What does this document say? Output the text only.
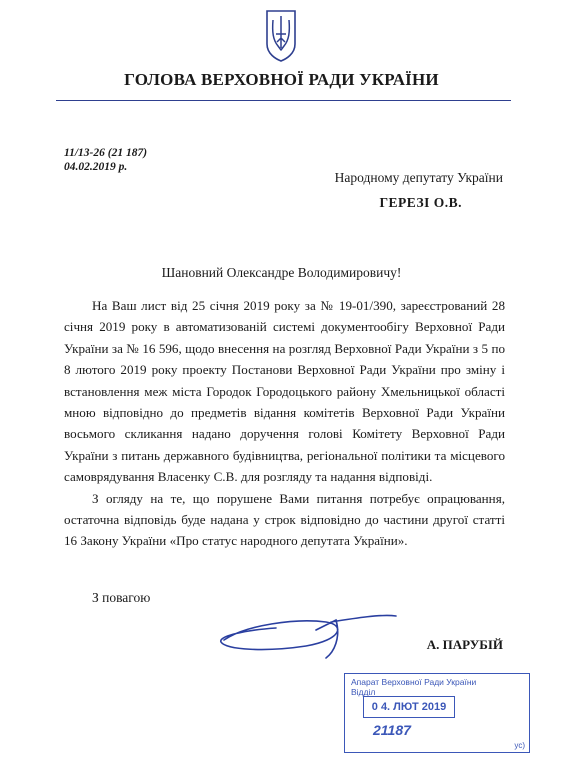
ГОЛОВА ВЕРХОВНОЇ РАДИ УКРАЇНИ
11/13-26 (21 187)
04.02.2019 р.
Народному депутату України
ГЕРЕЗІ О.В.
Шановний Олександре Володимировичу!

На Ваш лист від 25 січня 2019 року за № 19-01/390, зареєстрований 28 січня 2019 року в автоматизованій системі документообігу Верховної Ради України за № 16 596, щодо внесення на розгляд Верховної Ради України з 5 по 8 лютого 2019 року проекту Постанови Верховної Ради України про зміну і встановлення меж міста Городок Городоцького району Хмельницької області мною відповідно до предметів відання комітетів Верховної Ради України восьмого скликання надано доручення голові Комітету Верховної Ради України з питань державного будівництва, регіональної політики та місцевого самоврядування Власенку С.В. для розгляду та надання відповіді.

З огляду на те, що порушене Вами питання потребує опрацювання, остаточна відповідь буде надана у строк відповідно до частини другої статті 16 Закону України «Про статус народного депутата України».

З повагою
А. ПАРУБІЙ
Апарат Верховної Ради України
Відділ
0 4. ЛЮТ 2019
21187
ус)
